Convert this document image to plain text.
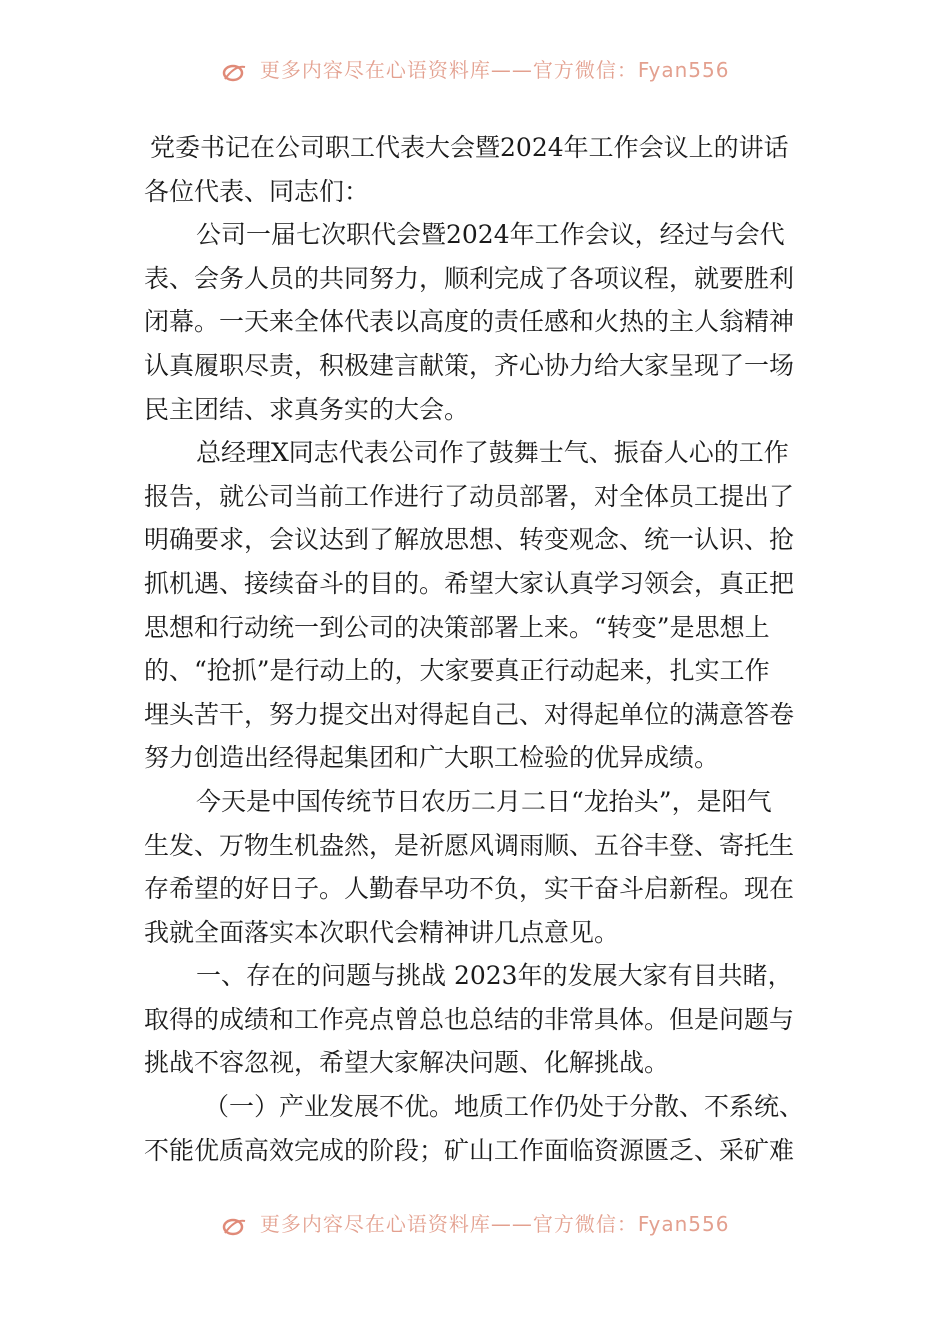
更多内容尽在心语资料库——官方微信：Fyan556
党委书记在公司职工代表大会暨2024年工作会议上的讲话
各位代表、同志们：
公司一届七次职代会暨2024年工作会议，经过与会代
表、会务人员的共同努力，顺利完成了各项议程，就要胜利
闭幕。一天来全体代表以高度的责任感和火热的主人翁精神
认真履职尽责，积极建言献策，齐心协力给大家呈现了一场
民主团结、求真务实的大会。
总经理X同志代表公司作了鼓舞士气、振奋人心的工作
报告，就公司当前工作进行了动员部署，对全体员工提出了
明确要求，会议达到了解放思想、转变观念、统一认识、抢
抓机遇、接续奋斗的目的。希望大家认真学习领会，真正把
思想和行动统一到公司的决策部署上来。“转变”是思想上
的、“抢抓”是行动上的，大家要真正行动起来，扎实工作
埋头苦干，努力提交出对得起自己、对得起单位的满意答卷
努力创造出经得起集团和广大职工检验的优异成绩。
今天是中国传统节日农历二月二日“龙抬头”，是阳气
生发、万物生机盎然，是祈愿风调雨顺、五谷丰登、寄托生
存希望的好日子。人勤春早功不负，实干奋斗启新程。现在
我就全面落实本次职代会精神讲几点意见。
一、存在的问题与挑战 2023年的发展大家有目共睹，
取得的成绩和工作亮点曾总也总结的非常具体。但是问题与
挑战不容忽视，希望大家解决问题、化解挑战。
（一）产业发展不优。地质工作仍处于分散、不系统、
不能优质高效完成的阶段；矿山工作面临资源匮乏、采矿难
更多内容尽在心语资料库——官方微信：Fyan556
